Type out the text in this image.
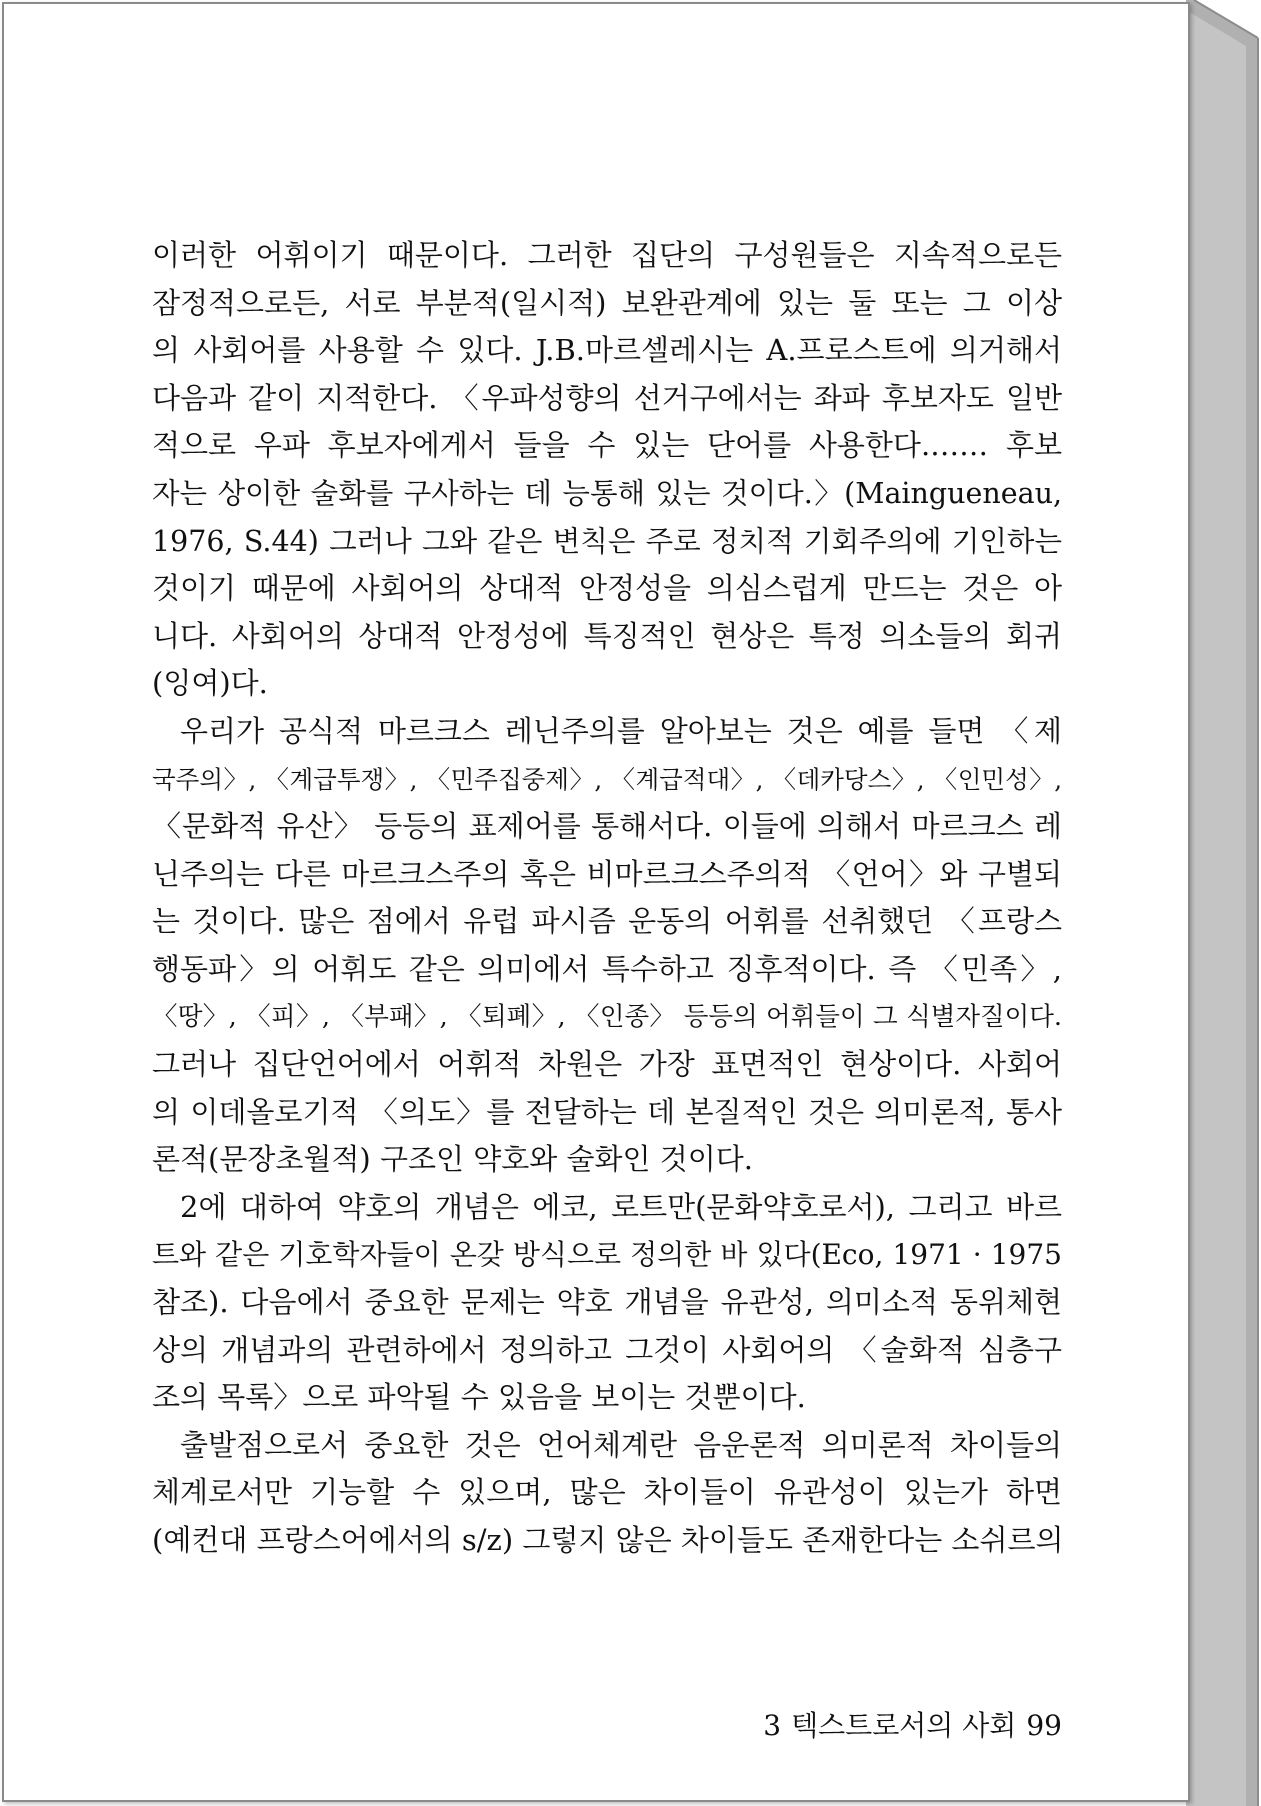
이러한 어휘이기 때문이다. 그러한 집단의 구성원들은 지속적으로든
잠정적으로든, 서로 부분적(일시적) 보완관계에 있는 둘 또는 그 이상
의 사회어를 사용할 수 있다. J.B.마르셀레시는 A.프로스트에 의거해서
다음과 같이 지적한다. 〈우파성향의 선거구에서는 좌파 후보자도 일반
적으로 우파 후보자에게서 들을 수 있는 단어를 사용한다.…… 후보
자는 상이한 술화를 구사하는 데 능통해 있는 것이다.〉(Maingueneau,
1976, S.44) 그러나 그와 같은 변칙은 주로 정치적 기회주의에 기인하는
것이기 때문에 사회어의 상대적 안정성을 의심스럽게 만드는 것은 아
니다. 사회어의 상대적 안정성에 특징적인 현상은 특정 의소들의 회귀
(잉여)다.
우리가 공식적 마르크스 레닌주의를 알아보는 것은 예를 들면 〈제
국주의〉, 〈계급투쟁〉, 〈민주집중제〉, 〈계급적대〉, 〈데카당스〉, 〈인민성〉,
〈문화적 유산〉 등등의 표제어를 통해서다. 이들에 의해서 마르크스 레
닌주의는 다른 마르크스주의 혹은 비마르크스주의적 〈언어〉와 구별되
는 것이다. 많은 점에서 유럽 파시즘 운동의 어휘를 선취했던 〈프랑스
행동파〉의 어휘도 같은 의미에서 특수하고 징후적이다. 즉 〈민족〉,
〈땅〉, 〈피〉, 〈부패〉, 〈퇴폐〉, 〈인종〉 등등의 어휘들이 그 식별자질이다.
그러나 집단언어에서 어휘적 차원은 가장 표면적인 현상이다. 사회어
의 이데올로기적 〈의도〉를 전달하는 데 본질적인 것은 의미론적, 통사
론적(문장초월적) 구조인 약호와 술화인 것이다.
2에 대하여 약호의 개념은 에코, 로트만(문화약호로서), 그리고 바르
트와 같은 기호학자들이 온갖 방식으로 정의한 바 있다(Eco, 1971 · 1975
참조). 다음에서 중요한 문제는 약호 개념을 유관성, 의미소적 동위체현
상의 개념과의 관련하에서 정의하고 그것이 사회어의 〈술화적 심층구
조의 목록〉으로 파악될 수 있음을 보이는 것뿐이다.
출발점으로서 중요한 것은 언어체계란 음운론적 의미론적 차이들의
체계로서만 기능할 수 있으며, 많은 차이들이 유관성이 있는가 하면
(예컨대 프랑스어에서의 s/z) 그렇지 않은 차이들도 존재한다는 소쉬르의
3 텍스트로서의 사회 99
